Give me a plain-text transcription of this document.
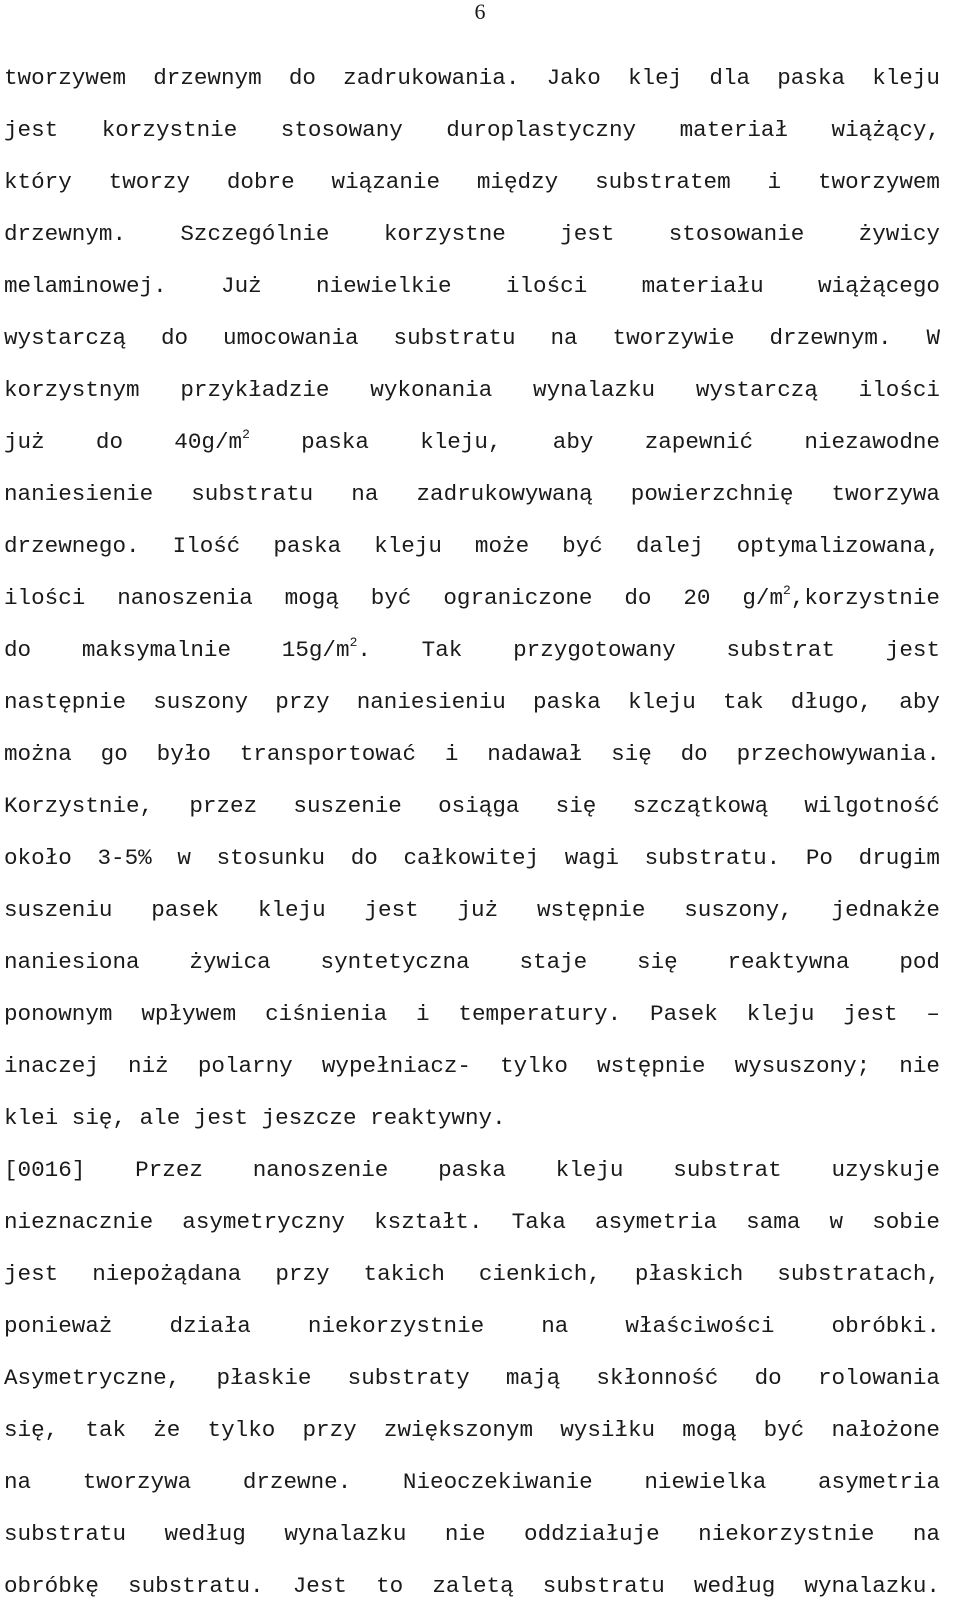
6
tworzywem drzewnym do zadrukowania. Jako klej dla paska kleju
jest korzystnie stosowany duroplastyczny materiał wiążący,
który tworzy dobre wiązanie między substratem i tworzywem
drzewnym. Szczególnie korzystne jest stosowanie żywicy
melaminowej. Już niewielkie ilości materiału wiążącego
wystarczą do umocowania substratu na tworzywie drzewnym. W
korzystnym przykładzie wykonania wynalazku wystarczą ilości
już do $40g/m^2$ paska kleju, aby zapewnić niezawodne
naniesienie substratu na zadrukowywaną powierzchnię tworzywa
drzewnego. Ilość paska kleju może być dalej optymalizowana,
ilości nanoszenia mogą być ograniczone do 20 $g/m^2,korzystnie$
do maksymalnie $15g/m^2$. Tak przygotowany substrat jest
następnie suszony przy naniesieniu paska kleju tak długo, aby
można go było transportować i nadawał się do przechowywania.
Korzystnie, przez suszenie osiąga się szczątkową wilgotność
około 3-5% w stosunku do całkowitej wagi substratu. Po drugim
suszeniu pasek kleju jest już wstępnie suszony, jednakże
naniesiona żywica syntetyczna staje się reaktywna pod
ponownym wpływem ciśnienia i temperatury. Pasek kleju jest –
inaczej niż polarny wypełniacz- tylko wstępnie wysuszony; nie
klei się, ale jest jeszcze reaktywny.
[0016] Przez nanoszenie paska kleju substrat uzyskuje
nieznacznie asymetryczny kształt. Taka asymetria sama w sobie
jest niepożądana przy takich cienkich, płaskich substratach,
ponieważ działa niekorzystnie na właściwości obróbki.
Asymetryczne, płaskie substraty mają skłonność do rolowania
się, tak że tylko przy zwiększonym wysiłku mogą być nałożone
na tworzywa drzewne. Nieoczekiwanie niewielka asymetria
substratu według wynalazku nie oddziałuje niekorzystnie na
obróbkę substratu. Jest to zaletą substratu według wynalazku.
